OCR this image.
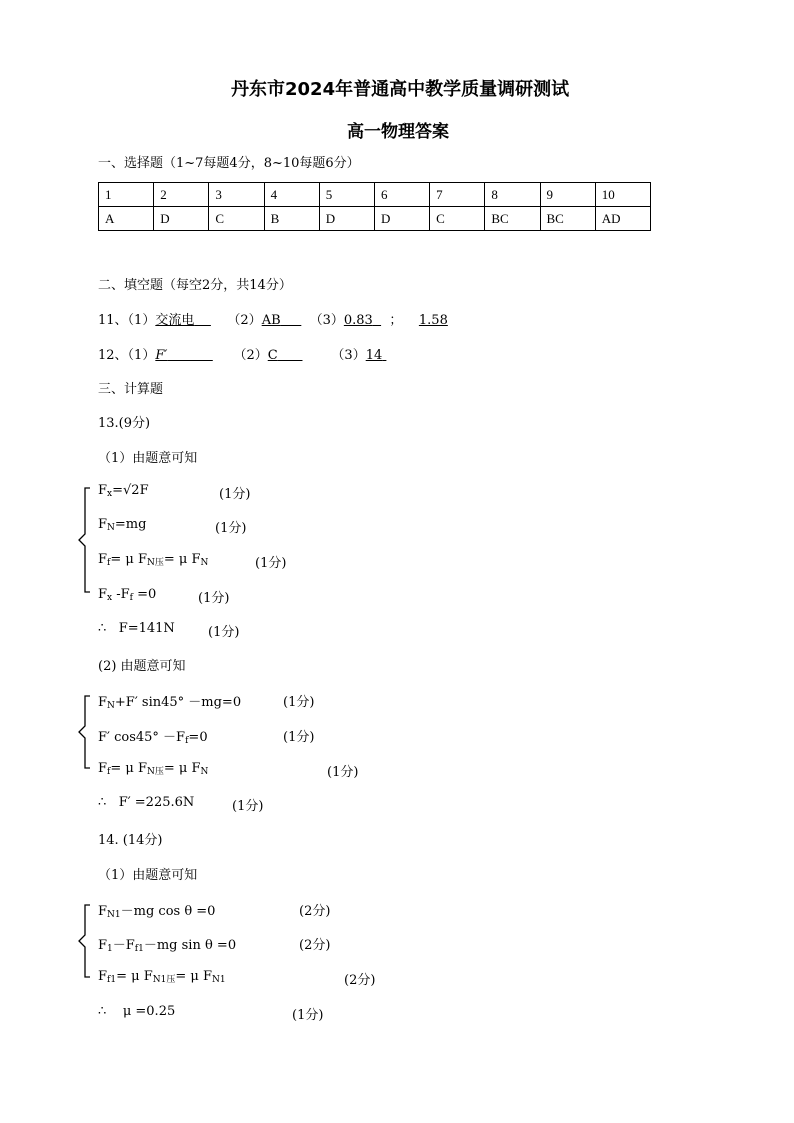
丹东市2024年普通高中教学质量调研测试
高一物理答案
一、选择题（1~7每题4分，8~10每题6分）
1	2	3	4	5	6	7	8	9	10
A	D	C	B	D	D	C	BC	BC	AD
二、填空题（每空2分，共14分）
11、（1）交流电	（2）AB （3）0.83 ； 1.58
12、（1）F′	（2）C	（3）14
三、计算题
13.(9分)
（1）由题意可知
$F_x=√2F$	(1分)
$F_N=mg$	(1分)
$F_f= \mu$ $F_{N压}= \mu$ $F_N$	(1分)
$F_x$ $-F_f =0$	(1分)
∴ F=141N	(1分)
(2) 由题意可知
$F_N+F'$ sin45° －mg=0	(1分)
F′ $\cos 45^\circ -F_f=0$	(1分)
$F_f= \mu$ $F_{N压}= \mu$ $F_N$	(1分)
∴ F′ =225.6N	(1分)
14. (14分)
（1）由题意可知
$F_{N1}-mg$ cos θ =0	(2分)
$F_1-F_{f1}-mg$ sin θ =0	(2分)
$F_{f1}= \mu$ $F_{N1压}= \mu$ $F_{N1}$	(2分)
∴ μ =0.25	(1分)
